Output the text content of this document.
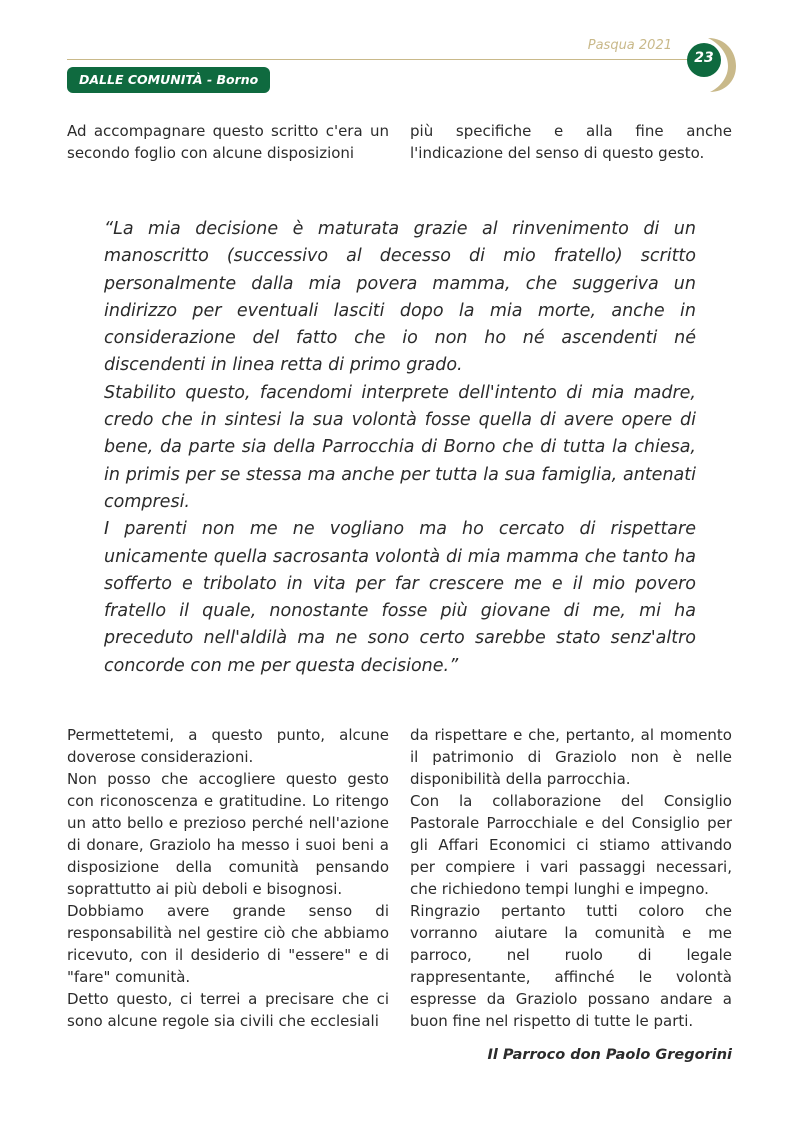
Pasqua 2021
23
DALLE COMUNITÀ - Borno

Ad accompagnare questo scritto c'era un secondo foglio con alcune disposizioni

più specifiche e alla fine anche l'indicazione del senso di questo gesto.

“La mia decisione è maturata grazie al rinvenimento di un manoscritto (successivo al decesso di mio fratello) scritto personalmente dalla mia povera mamma, che suggeriva un indirizzo per eventuali lasciti dopo la mia morte, anche in considerazione del fatto che io non ho né ascendenti né discendenti in linea retta di primo grado.

Stabilito questo, facendomi interprete dell'intento di mia madre, credo che in sintesi la sua volontà fosse quella di avere opere di bene, da parte sia della Parrocchia di Borno che di tutta la chiesa, in primis per se stessa ma anche per tutta la sua famiglia, antenati compresi.

I parenti non me ne vogliano ma ho cercato di rispettare unicamente quella sacrosanta volontà di mia mamma che tanto ha sofferto e tribolato in vita per far crescere me e il mio povero fratello il quale, nonostante fosse più giovane di me, mi ha preceduto nell'aldilà ma ne sono certo sarebbe stato senz'altro concorde con me per questa decisione.”

Permettetemi, a questo punto, alcune doverose considerazioni.

Non posso che accogliere questo gesto con riconoscenza e gratitudine. Lo ritengo un atto bello e prezioso perché nell'azione di donare, Graziolo ha messo i suoi beni a disposizione della comunità pensando soprattutto ai più deboli e bisognosi.

Dobbiamo avere grande senso di responsabilità nel gestire ciò che abbiamo ricevuto, con il desiderio di "essere" e di "fare" comunità.

Detto questo, ci terrei a precisare che ci sono alcune regole sia civili che ecclesiali

da rispettare e che, pertanto, al momento il patrimonio di Graziolo non è nelle disponibilità della parrocchia.

Con la collaborazione del Consiglio Pastorale Parrocchiale e del Consiglio per gli Affari Economici ci stiamo attivando per compiere i vari passaggi necessari, che richiedono tempi lunghi e impegno.

Ringrazio pertanto tutti coloro che vorranno aiutare la comunità e me parroco, nel ruolo di legale rappresentante, affinché le volontà espresse da Graziolo possano andare a buon fine nel rispetto di tutte le parti.

Il Parroco don Paolo Gregorini
